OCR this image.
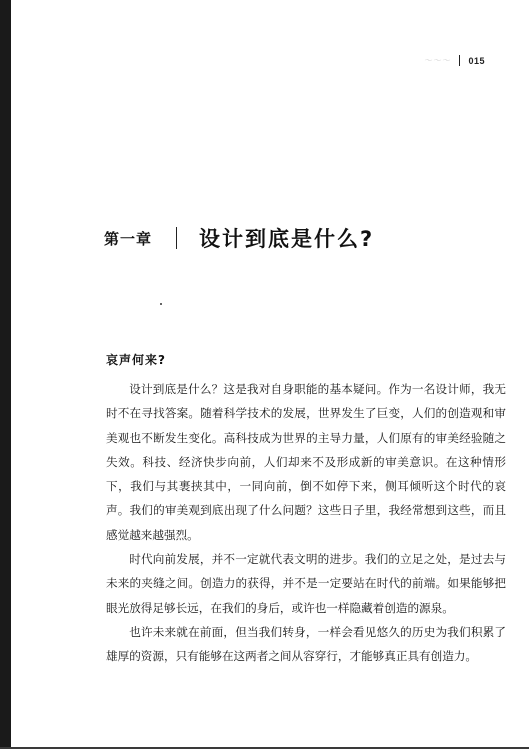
～～～ 015
第一章 设计到底是什么?
哀声何来?

设计到底是什么？这是我对自身职能的基本疑问。作为一名设计师，我无时不在寻找答案。随着科学技术的发展，世界发生了巨变，人们的创造观和审美观也不断发生变化。高科技成为世界的主导力量，人们原有的审美经验随之失效。科技、经济快步向前，人们却来不及形成新的审美意识。在这种情形下，我们与其裹挟其中，一同向前，倒不如停下来，侧耳倾听这个时代的哀声。我们的审美观到底出现了什么问题？这些日子里，我经常想到这些，而且感觉越来越强烈。

时代向前发展，并不一定就代表文明的进步。我们的立足之处，是过去与未来的夹缝之间。创造力的获得，并不是一定要站在时代的前端。如果能够把眼光放得足够长远，在我们的身后，或许也一样隐藏着创造的源泉。

也许未来就在前面，但当我们转身，一样会看见悠久的历史为我们积累了雄厚的资源，只有能够在这两者之间从容穿行，才能够真正具有创造力。
